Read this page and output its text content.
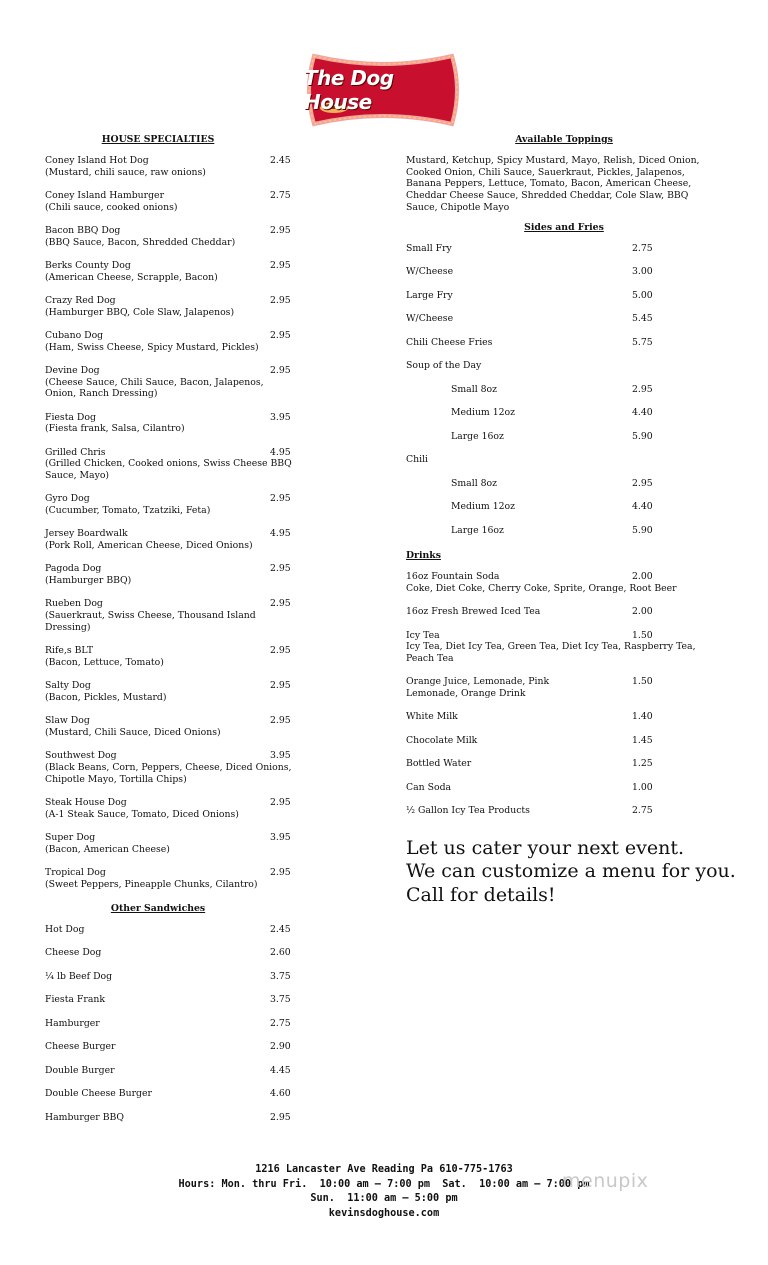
The Dog House
HOUSE SPECIALTIES
Coney Island Hot Dog
(Mustard, chili sauce, raw onions)
2.45
Coney Island Hamburger
(Chili sauce, cooked onions)
2.75
Bacon BBQ Dog
(BBQ Sauce, Bacon, Shredded Cheddar)
2.95
Berks County Dog
(American Cheese, Scrapple, Bacon)
2.95
Crazy Red Dog
(Hamburger BBQ, Cole Slaw, Jalapenos)
2.95
Cubano Dog
(Ham, Swiss Cheese, Spicy Mustard, Pickles)
2.95
Devine Dog
(Cheese Sauce, Chili Sauce, Bacon, Jalapenos, Onion, Ranch Dressing)
2.95
Fiesta Dog
(Fiesta frank, Salsa, Cilantro)
3.95
Grilled Chris
(Grilled Chicken, Cooked onions, Swiss Cheese BBQ Sauce, Mayo)
4.95
Gyro Dog
(Cucumber, Tomato, Tzatziki, Feta)
2.95
Jersey Boardwalk
(Pork Roll, American Cheese, Diced Onions)
4.95
Pagoda Dog
(Hamburger BBQ)
2.95
Rueben Dog
(Sauerkraut, Swiss Cheese, Thousand Island Dressing)
2.95
Rife,s BLT
(Bacon, Lettuce, Tomato)
2.95
Salty Dog
(Bacon, Pickles, Mustard)
2.95
Slaw Dog
(Mustard, Chili Sauce, Diced Onions)
2.95
Southwest Dog
(Black Beans, Corn, Peppers, Cheese, Diced Onions, Chipotle Mayo, Tortilla Chips)
3.95
Steak House Dog
(A-1 Steak Sauce, Tomato, Diced Onions)
2.95
Super Dog
(Bacon, American Cheese)
3.95
Tropical Dog
(Sweet Peppers, Pineapple Chunks, Cilantro)
2.95
Other Sandwiches
Hot Dog	2.45
Cheese Dog	2.60
¼ lb Beef Dog	3.75
Fiesta Frank	3.75
Hamburger	2.75
Cheese Burger	2.90
Double Burger	4.45
Double Cheese Burger	4.60
Hamburger BBQ	2.95
Available Toppings
Mustard, Ketchup, Spicy Mustard, Mayo, Relish, Diced Onion, Cooked Onion, Chili Sauce, Sauerkraut, Pickles, Jalapenos, Banana Peppers, Lettuce, Tomato, Bacon, American Cheese, Cheddar Cheese Sauce, Shredded Cheddar, Cole Slaw, BBQ Sauce, Chipotle Mayo
Sides and Fries
Small Fry	2.75
W/Cheese	3.00
Large Fry	5.00
W/Cheese	5.45
Chili Cheese Fries	5.75
Soup of the Day
Small 8oz	2.95
Medium 12oz	4.40
Large 16oz	5.90
Chili
Small 8oz	2.95
Medium 12oz	4.40
Large 16oz	5.90
Drinks
16oz Fountain Soda
Coke, Diet Coke, Cherry Coke, Sprite, Orange, Root Beer
2.00
16oz Fresh Brewed Iced Tea	2.00
Icy Tea
Icy Tea, Diet Icy Tea, Green Tea, Diet Icy Tea, Raspberry Tea, Peach Tea
1.50
Orange Juice, Lemonade, Pink Lemonade, Orange Drink
1.50
White Milk	1.40
Chocolate Milk	1.45
Bottled Water	1.25
Can Soda	1.00
½ Gallon Icy Tea Products	2.75
Let us cater your next event.
We can customize a menu for you.
Call for details!
1216 Lancaster Ave Reading Pa 610-775-1763
Hours: Mon. thru Fri.  10:00 am – 7:00 pm  Sat.  10:00 am – 7:00 pm
Sun.  11:00 am – 5:00 pm
kevinsdoghouse.com
menupix
